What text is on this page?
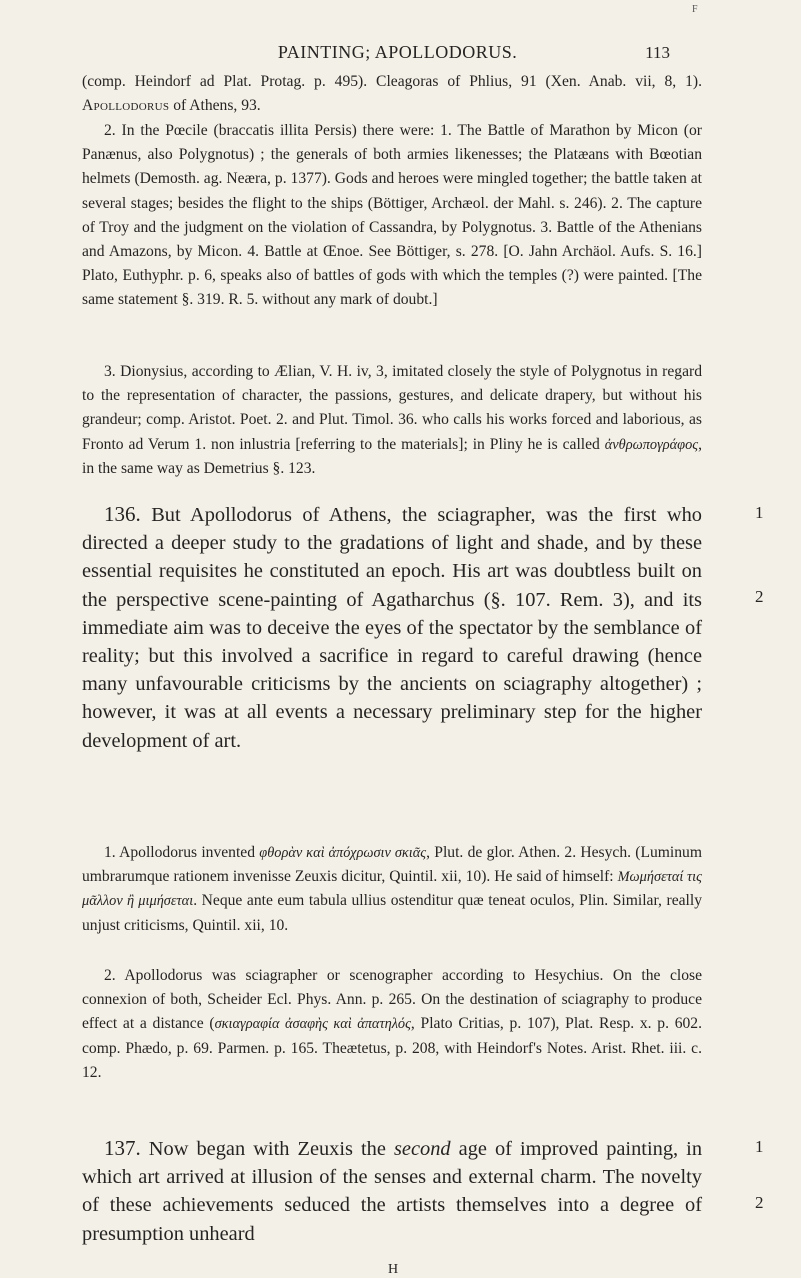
F
PAINTING; APOLLODORUS.	113

(comp. Heindorf ad Plat. Protag. p. 495). Cleagoras of Phlius, 91 (Xen. Anab. vii, 8, 1). Apollodorus of Athens, 93.

2. In the Pœcile (braccatis illita Persis) there were: 1. The Battle of Marathon by Micon (or Panænus, also Polygnotus) ; the generals of both armies likenesses; the Platæans with Bœotian helmets (Demosth. ag. Neæra, p. 1377). Gods and heroes were mingled together; the battle taken at several stages; besides the flight to the ships (Böttiger, Archæol. der Mahl. s. 246). 2. The capture of Troy and the judgment on the violation of Cassandra, by Polygnotus. 3. Battle of the Athenians and Amazons, by Micon. 4. Battle at Œnoe. See Böttiger, s. 278. [O. Jahn Archäol. Aufs. S. 16.] Plato, Euthyphr. p. 6, speaks also of battles of gods with which the temples (?) were painted. [The same statement §. 319. R. 5. without any mark of doubt.]

3. Dionysius, according to Ælian, V. H. iv, 3, imitated closely the style of Polygnotus in regard to the representation of character, the passions, gestures, and delicate drapery, but without his grandeur; comp. Aristot. Poet. 2. and Plut. Timol. 36. who calls his works forced and laborious, as Fronto ad Verum 1. non inlustria [referring to the materials]; in Pliny he is called ἀνθρωπογράφος, in the same way as Demetrius §. 123.

136. But Apollodorus of Athens, the sciagrapher, was the first who directed a deeper study to the gradations of light and shade, and by these essential requisites he constituted an epoch. His art was doubtless built on the perspective scene-painting of Agatharchus (§. 107. Rem. 3), and its immediate aim was to deceive the eyes of the spectator by the semblance of reality; but this involved a sacrifice in regard to careful drawing (hence many unfavourable criticisms by the ancients on sciagraphy altogether) ; however, it was at all events a necessary preliminary step for the higher development of art.

1
2

1. Apollodorus invented φθορὰν καὶ ἀπόχρωσιν σκιᾶς, Plut. de glor. Athen. 2. Hesych. (Luminum umbrarumque rationem invenisse Zeuxis dicitur, Quintil. xii, 10). He said of himself: Μωμήσεταί τις μᾶλλον ἢ μιμήσεται. Neque ante eum tabula ullius ostenditur quæ teneat oculos, Plin. Similar, really unjust criticisms, Quintil. xii, 10.

2. Apollodorus was sciagrapher or scenographer according to Hesychius. On the close connexion of both, Scheider Ecl. Phys. Ann. p. 265. On the destination of sciagraphy to produce effect at a distance (σκιαγραφία ἀσαφὴς καὶ ἀπατηλός, Plato Critias, p. 107), Plat. Resp. x. p. 602. comp. Phædo, p. 69. Parmen. p. 165. Theætetus, p. 208, with Heindorf's Notes. Arist. Rhet. iii. c. 12.

137. Now began with Zeuxis the second age of improved painting, in which art arrived at illusion of the senses and external charm. The novelty of these achievements seduced the artists themselves into a degree of presumption unheard

1
2
H
